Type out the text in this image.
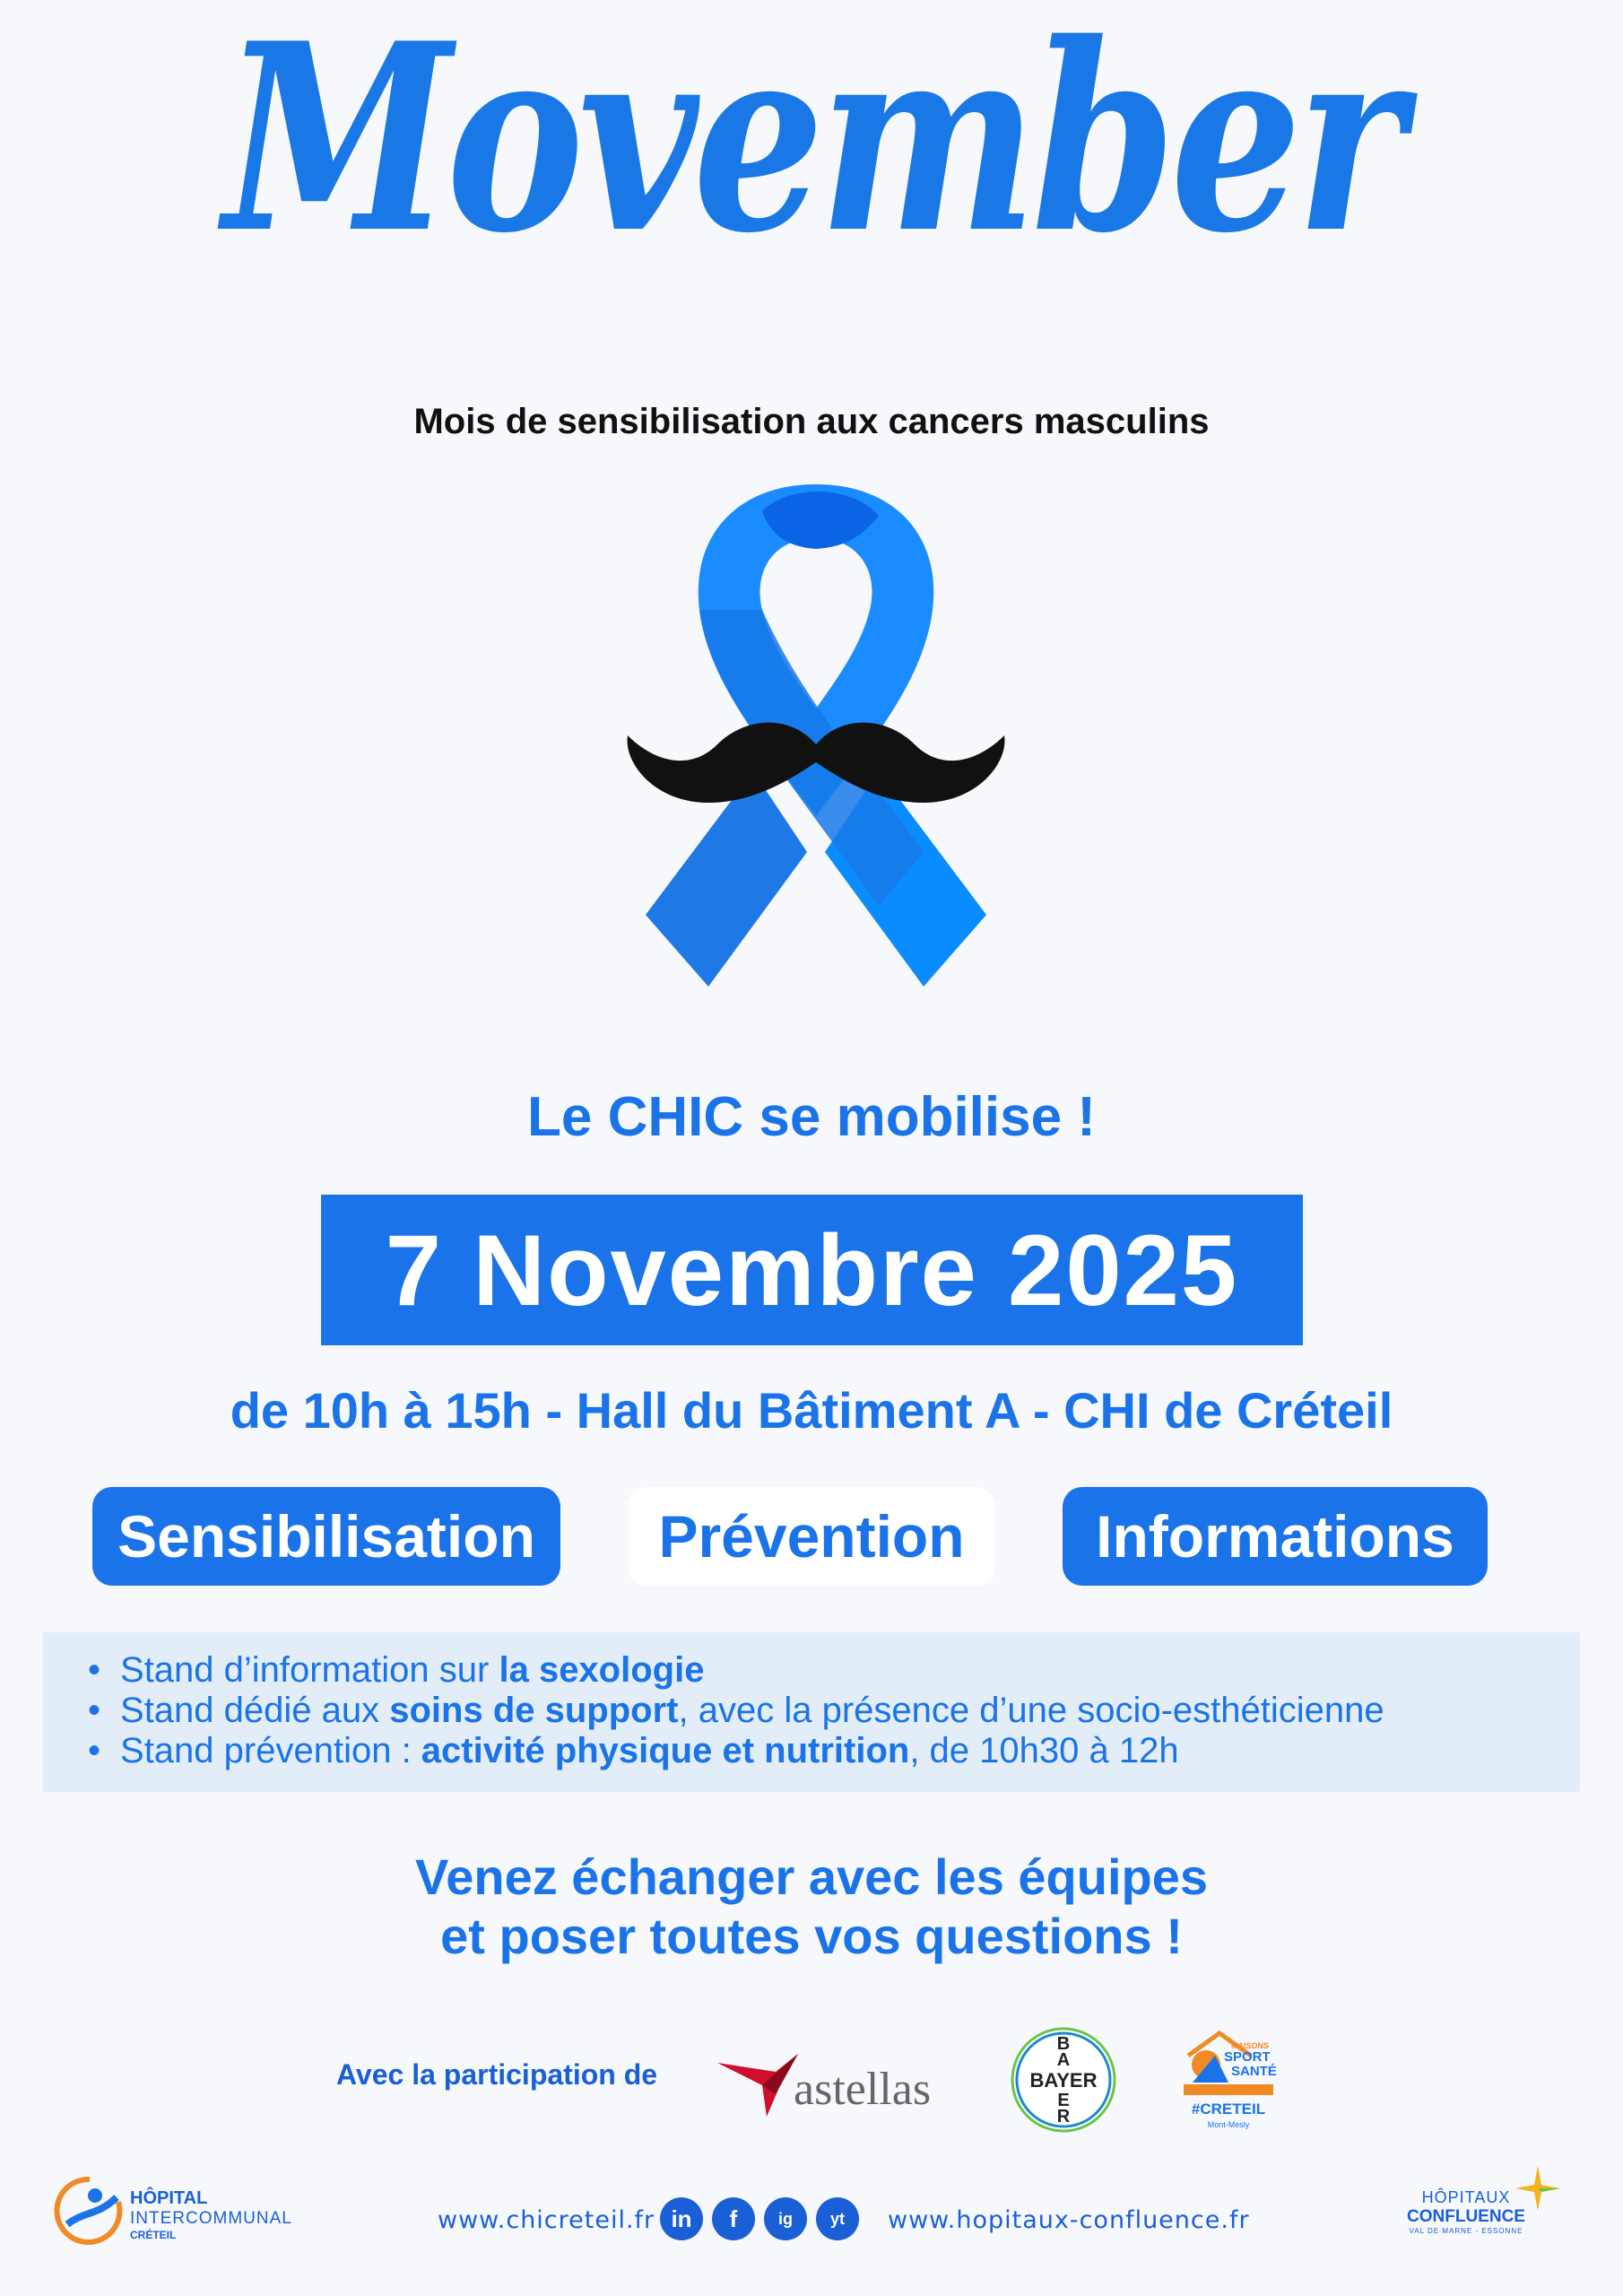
Movember
Mois de sensibilisation aux cancers masculins
Le CHIC se mobilise !
7 Novembre 2025
de 10h à 15h - Hall du Bâtiment A - CHI de Créteil
Sensibilisation	Prévention	Informations
• Stand d’information sur la sexologie
• Stand dédié aux soins de support, avec la présence d’une socio-esthéticienne
• Stand prévention : activité physique et nutrition, de 10h30 à 12h
Venez échanger avec les équipes
et poser toutes vos questions !
Avec la participation de	astellas	BAYER
B
A
E
R
MAISONS
SPORT
SANTÉ
#CRETEIL
Mont-Mesly
HÔPITAL
INTERCOMMUNAL
CRÉTEIL
www.chicreteil.fr in	f	ig	yt	www.hopitaux-confluence.fr
HÔPITAUX
CONFLUENCE
VAL DE MARNE - ESSONNE
